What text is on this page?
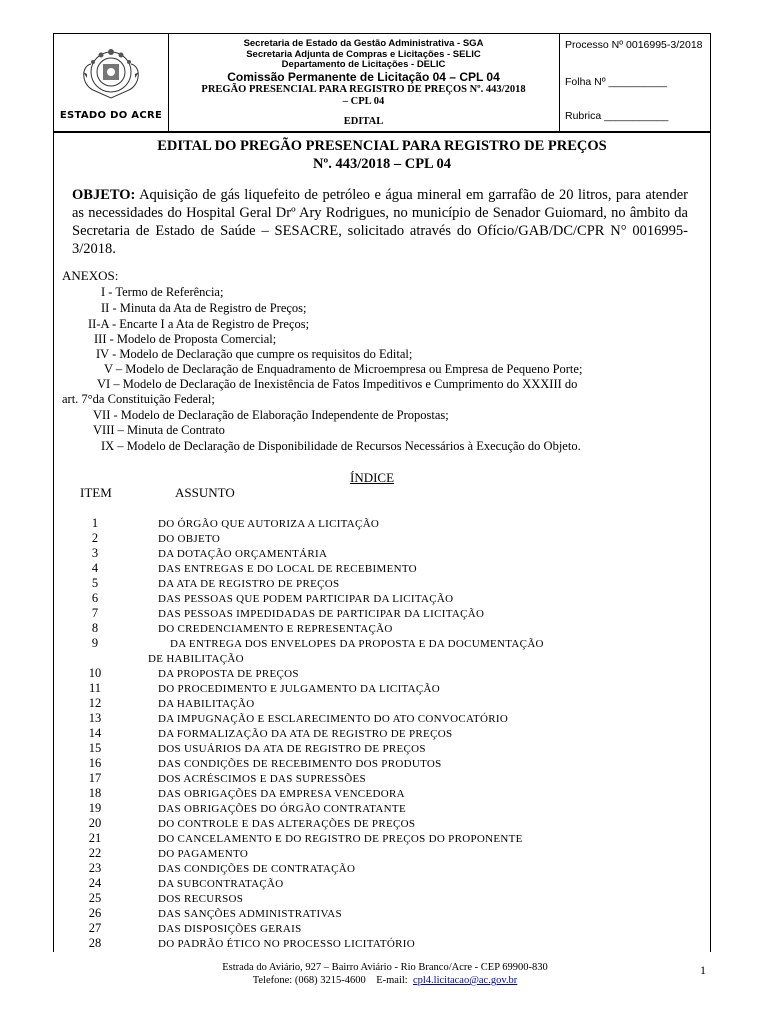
ESTADO DO ACRE
Secretaria de Estado da Gestão Administrativa - SGA
Secretaria Adjunta de Compras e Licitações - SELIC
Departamento de Licitações - DELIC
Comissão Permanente de Licitação 04 – CPL 04
PREGÃO PRESENCIAL PARA REGISTRO DE PREÇOS Nº. 443/2018
– CPL 04
EDITAL
Processo Nº 0016995-3/2018
Folha Nº __________
Rubrica ___________
EDITAL DO PREGÃO PRESENCIAL PARA REGISTRO DE PREÇOS
Nº. 443/2018 – CPL 04
OBJETO: Aquisição de gás liquefeito de petróleo e água mineral em garrafão de 20 litros, para atender as necessidades do Hospital Geral Drº Ary Rodrigues, no município de Senador Guiomard, no âmbito da Secretaria de Estado de Saúde – SESACRE, solicitado através do Ofício/GAB/DC/CPR N° 0016995-3/2018.
ANEXOS:
I - Termo de Referência;
II - Minuta da Ata de Registro de Preços;
II-A - Encarte I a Ata de Registro de Preços;
III - Modelo de Proposta Comercial;
IV - Modelo de Declaração que cumpre os requisitos do Edital;
V – Modelo de Declaração de Enquadramento de Microempresa ou Empresa de Pequeno Porte;
VI – Modelo de Declaração de Inexistência de Fatos Impeditivos e Cumprimento do XXXIII do
art. 7°da Constituição Federal;
VII - Modelo de Declaração de Elaboração Independente de Propostas;
VIII – Minuta de Contrato
IX – Modelo de Declaração de Disponibilidade de Recursos Necessários à Execução do Objeto.
ÍNDICE
ITEM	ASSUNTO
1	DO ÓRGÃO QUE AUTORIZA A LICITAÇÃO
2	DO OBJETO
3	DA DOTAÇÃO ORÇAMENTÁRIA
4	DAS ENTREGAS E DO LOCAL DE RECEBIMENTO
5	DA ATA DE REGISTRO DE PREÇOS
6	DAS PESSOAS QUE PODEM PARTICIPAR DA LICITAÇÃO
7	DAS PESSOAS IMPEDIDADAS DE PARTICIPAR DA LICITAÇÃO
8	DO CREDENCIAMENTO E REPRESENTAÇÃO
9	DA ENTREGA DOS ENVELOPES DA PROPOSTA E DA DOCUMENTAÇÃO
DE HABILITAÇÃO
10	DA PROPOSTA DE PREÇOS
11	DO PROCEDIMENTO E JULGAMENTO DA LICITAÇÃO
12	DA HABILITAÇÃO
13	DA IMPUGNAÇÃO E ESCLARECIMENTO DO ATO CONVOCATÓRIO
14	DA FORMALIZAÇÃO DA ATA DE REGISTRO DE PREÇOS
15	DOS USUÁRIOS DA ATA DE REGISTRO DE PREÇOS
16	DAS CONDIÇÕES DE RECEBIMENTO DOS PRODUTOS
17	DOS ACRÉSCIMOS E DAS SUPRESSÕES
18	DAS OBRIGAÇÕES DA EMPRESA VENCEDORA
19	DAS OBRIGAÇÕES DO ÓRGÃO CONTRATANTE
20	DO CONTROLE E DAS ALTERAÇÕES DE PREÇOS
21	DO CANCELAMENTO E DO REGISTRO DE PREÇOS DO PROPONENTE
22	DO PAGAMENTO
23	DAS CONDIÇÕES DE CONTRATAÇÃO
24	DA SUBCONTRATAÇÃO
25	DOS RECURSOS
26	DAS SANÇÕES ADMINISTRATIVAS
27	DAS DISPOSIÇÕES GERAIS
28	DO PADRÃO ÉTICO NO PROCESSO LICITATÓRIO
Estrada do Aviário, 927 – Bairro Aviário - Rio Branco/Acre - CEP 69900-830
Telefone: (068) 3215-4600    E-mail:  cpl4.licitacao@ac.gov.br
1
